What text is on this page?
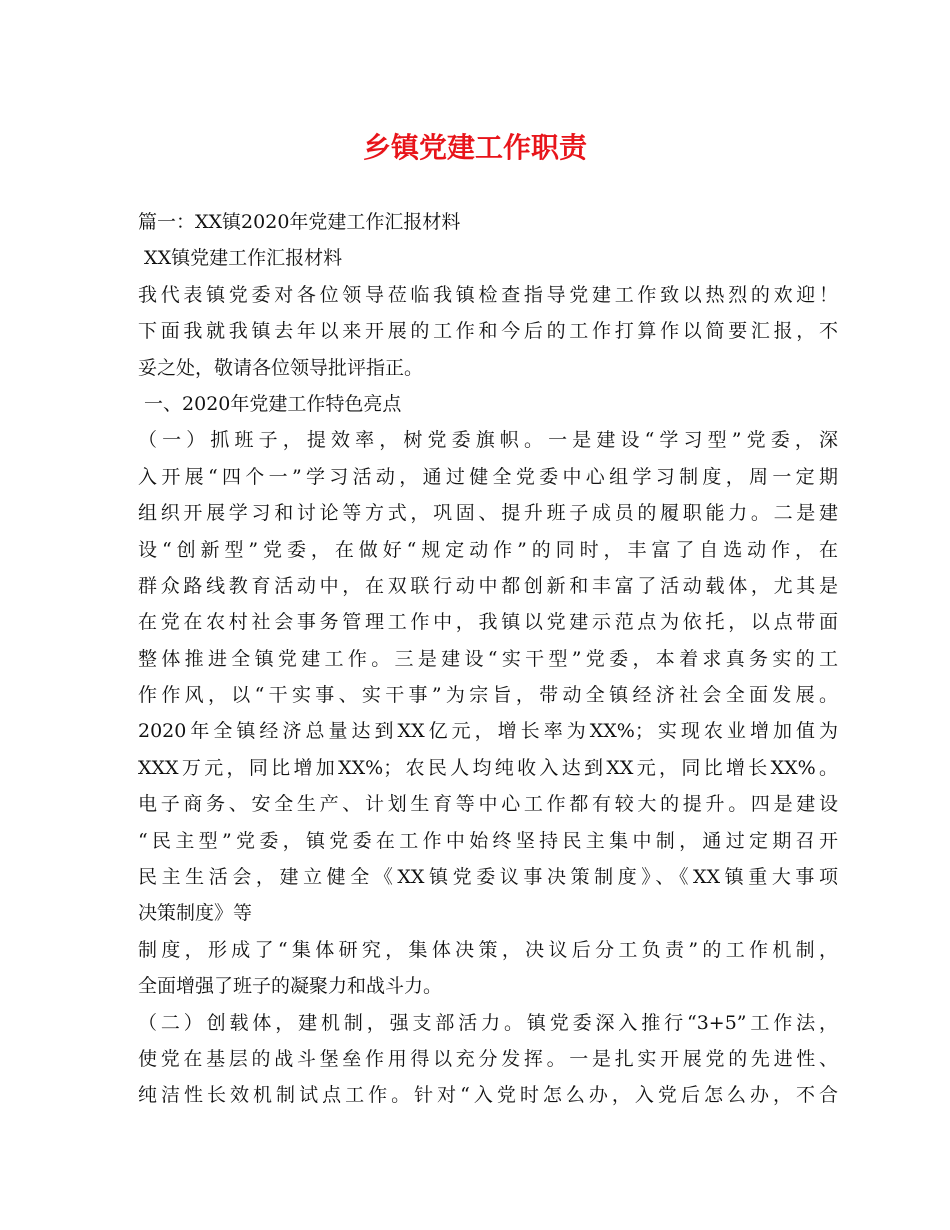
乡镇党建工作职责
篇一：XX镇2020年党建工作汇报材料
XX镇党建工作汇报材料
我代表镇党委对各位领导莅临我镇检查指导党建工作致以热烈的欢迎！
下面我就我镇去年以来开展的工作和今后的工作打算作以简要汇报，不
妥之处，敬请各位领导批评指正。
一、2020年党建工作特色亮点
（一）抓班子，提效率，树党委旗帜。一是建设“学习型”党委，深
入开展“四个一”学习活动，通过健全党委中心组学习制度，周一定期
组织开展学习和讨论等方式，巩固、提升班子成员的履职能力。二是建
设“创新型”党委，在做好“规定动作”的同时，丰富了自选动作，在
群众路线教育活动中，在双联行动中都创新和丰富了活动载体，尤其是
在党在农村社会事务管理工作中，我镇以党建示范点为依托，以点带面
整体推进全镇党建工作。三是建设“实干型”党委，本着求真务实的工
作作风，以“干实事、实干事”为宗旨，带动全镇经济社会全面发展。
2020年全镇经济总量达到XX亿元，增长率为XX%；实现农业增加值为
XXX万元，同比增加XX%；农民人均纯收入达到XX元，同比增长XX%。
电子商务、安全生产、计划生育等中心工作都有较大的提升。四是建设
“民主型”党委，镇党委在工作中始终坚持民主集中制，通过定期召开
民主生活会，建立健全《XX镇党委议事决策制度》、《XX镇重大事项
决策制度》等
制度，形成了“集体研究，集体决策，决议后分工负责”的工作机制，
全面增强了班子的凝聚力和战斗力。
（二）创载体，建机制，强支部活力。镇党委深入推行“3+5”工作法，
使党在基层的战斗堡垒作用得以充分发挥。一是扎实开展党的先进性、
纯洁性长效机制试点工作。针对“入党时怎么办，入党后怎么办，不合
